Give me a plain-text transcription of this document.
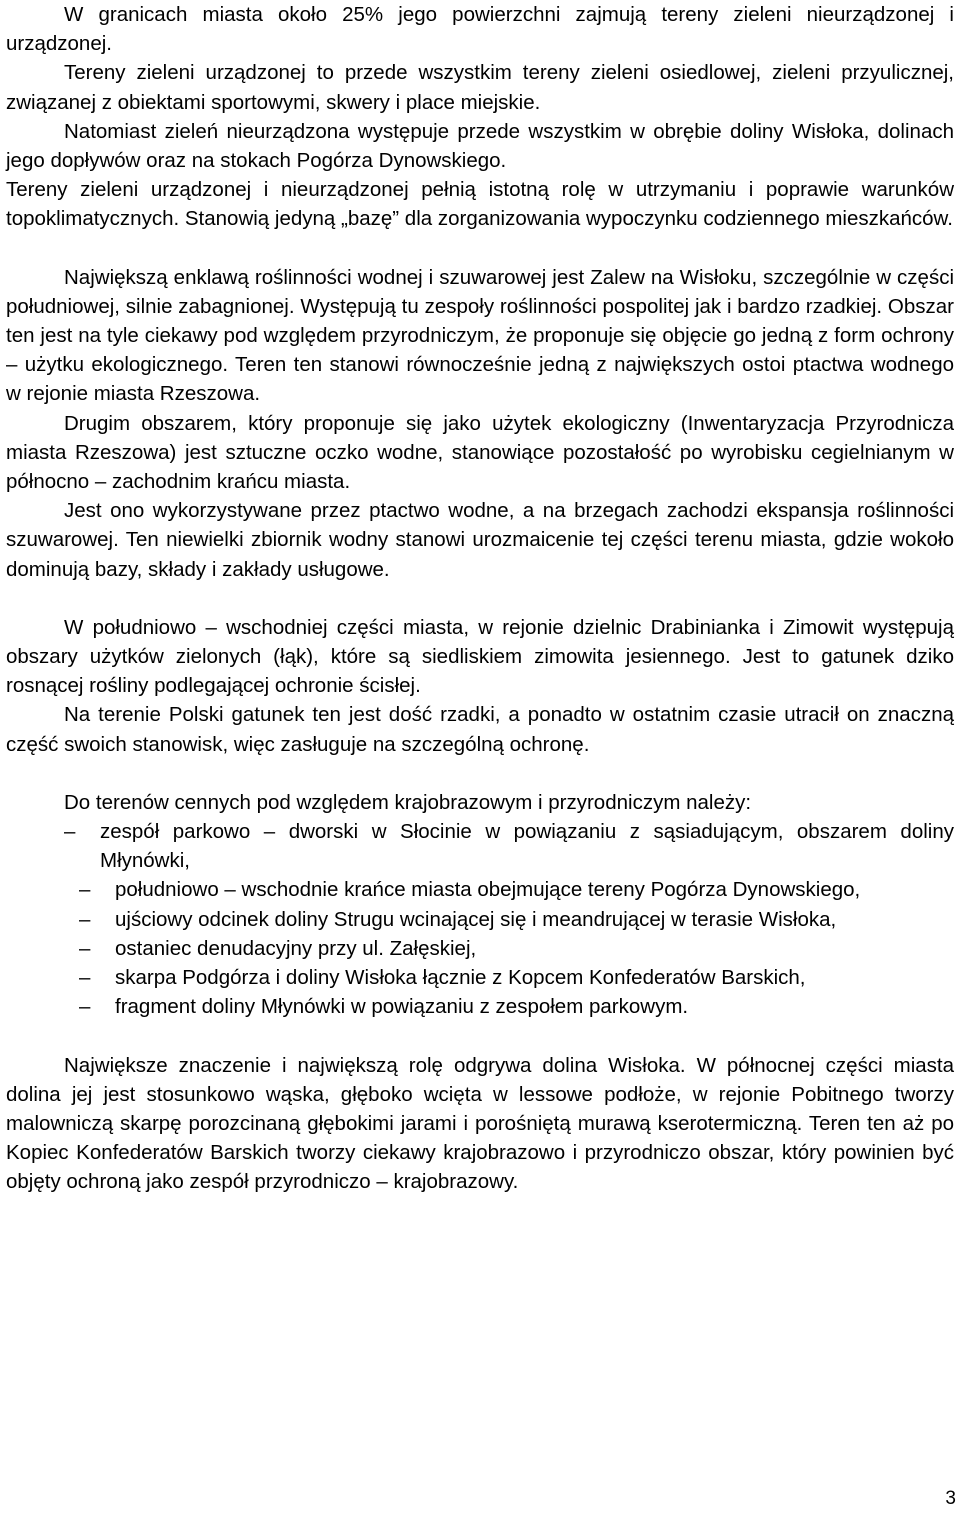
W granicach miasta około 25% jego powierzchni zajmują tereny zieleni nieurządzonej i urządzonej.

Tereny zieleni urządzonej to przede wszystkim tereny zieleni osiedlowej, zieleni przyulicznej, związanej z obiektami sportowymi, skwery i place miejskie.

Natomiast zieleń nieurządzona występuje przede wszystkim w obrębie doliny Wisłoka, dolinach jego dopływów oraz na stokach Pogórza Dynowskiego.

Tereny zieleni urządzonej i nieurządzonej pełnią istotną rolę w utrzymaniu i poprawie warunków topoklimatycznych. Stanowią jedyną „bazę” dla zorganizowania wypoczynku codziennego mieszkańców.

Największą enklawą roślinności wodnej i szuwarowej jest Zalew na Wisłoku, szczególnie w części południowej, silnie zabagnionej. Występują tu zespoły roślinności pospolitej jak i bardzo rzadkiej. Obszar ten jest na tyle ciekawy pod względem przyrodniczym, że proponuje się objęcie go jedną z form ochrony – użytku ekologicznego. Teren ten stanowi równocześnie jedną z największych ostoi ptactwa wodnego w rejonie miasta Rzeszowa.

Drugim obszarem, który proponuje się jako użytek ekologiczny (Inwentaryzacja Przyrodnicza miasta Rzeszowa) jest sztuczne oczko wodne, stanowiące pozostałość po wyrobisku cegielnianym w północno – zachodnim krańcu miasta.

Jest ono wykorzystywane przez ptactwo wodne, a na brzegach zachodzi ekspansja roślinności szuwarowej. Ten niewielki zbiornik wodny stanowi urozmaicenie tej części terenu miasta, gdzie wokoło dominują bazy, składy i zakłady usługowe.

W południowo – wschodniej części miasta, w rejonie dzielnic Drabinianka i Zimowit występują obszary użytków zielonych (łąk), które są siedliskiem zimowita jesiennego. Jest to gatunek dziko rosnącej rośliny podlegającej ochronie ścisłej.

Na terenie Polski gatunek ten jest dość rzadki, a ponadto w ostatnim czasie utracił on znaczną część swoich stanowisk, więc zasługuje na szczególną ochronę.

Do terenów cennych pod względem krajobrazowym i przyrodniczym należy:

– zespół parkowo – dworski w Słocinie w powiązaniu z sąsiadującym, obszarem doliny Młynówki,
– południowo – wschodnie krańce miasta obejmujące tereny Pogórza Dynowskiego,
– ujściowy odcinek doliny Strugu wcinającej się i meandrującej w terasie Wisłoka,
– ostaniec denudacyjny przy ul. Załęskiej,
– skarpa Podgórza i doliny Wisłoka łącznie z Kopcem Konfederatów Barskich,
– fragment doliny Młynówki w powiązaniu z zespołem parkowym.

Największe znaczenie i największą rolę odgrywa dolina Wisłoka. W północnej części miasta dolina jej jest stosunkowo wąska, głęboko wcięta w lessowe podłoże, w rejonie Pobitnego tworzy malowniczą skarpę porozcinaną głębokimi jarami i porośniętą murawą kserotermiczną. Teren ten aż po Kopiec Konfederatów Barskich tworzy ciekawy krajobrazowo i przyrodniczo obszar, który powinien być objęty ochroną jako zespół przyrodniczo – krajobrazowy.

3
